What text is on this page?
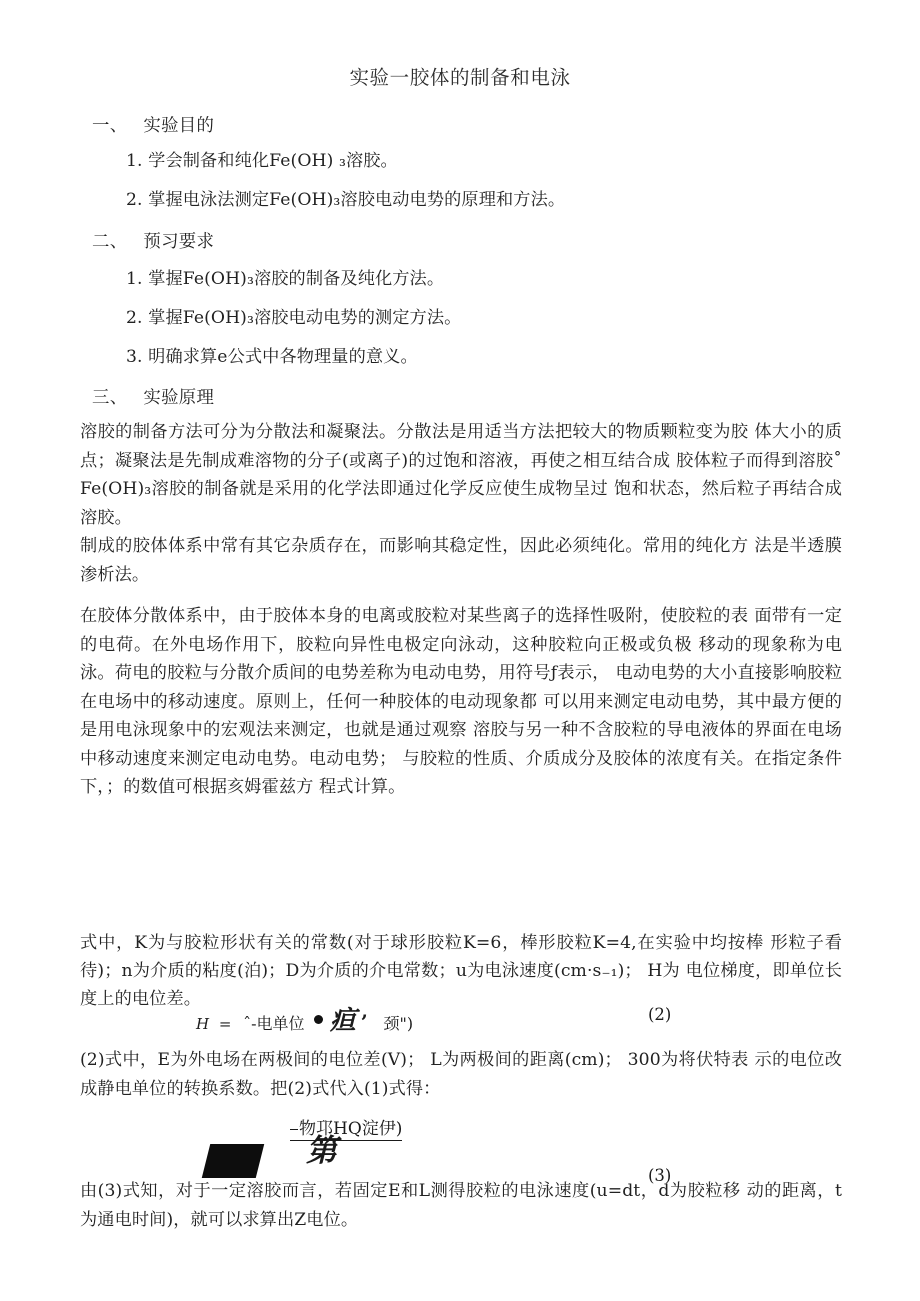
实验一胶体的制备和电泳
一、 实验目的
1. 学会制备和纯化Fe(OH) ₃溶胶。
2. 掌握电泳法测定Fe(OH)₃溶胶电动电势的原理和方法。
二、 预习要求
1. 掌握Fe(OH)₃溶胶的制备及纯化方法。
2. 掌握Fe(OH)₃溶胶电动电势的测定方法。
3. 明确求算e公式中各物理量的意义。
三、 实验原理
溶胶的制备方法可分为分散法和凝聚法。分散法是用适当方法把较大的物质颗粒变为胶 体大小的质点；凝聚法是先制成难溶物的分子(或离子)的过饱和溶液，再使之相互结合成 胶体粒子而得到溶胶˚ Fe(OH)₃溶胶的制备就是采用的化学法即通过化学反应使生成物呈过 饱和状态，然后粒子再结合成溶胶。
制成的胶体体系中常有其它杂质存在，而影响其稳定性，因此必须纯化。常用的纯化方 法是半透膜渗析法。
在胶体分散体系中，由于胶体本身的电离或胶粒对某些离子的选择性吸附，使胶粒的表 面带有一定的电荷。在外电场作用下，胶粒向异性电极定向泳动，这种胶粒向正极或负极 移动的现象称为电泳。荷电的胶粒与分散介质间的电势差称为电动电势，用符号ƒ表示， 电动电势的大小直接影响胶粒在电场中的移动速度。原则上，任何一种胶体的电动现象都 可以用来测定电动电势，其中最方便的是用电泳现象中的宏观法来测定，也就是通过观察 溶胶与另一种不含胶粒的导电液体的界面在电场中移动速度来测定电动电势。电动电势； 与胶粒的性质、介质成分及胶体的浓度有关。在指定条件下，；的数值可根据亥姆霍兹方 程式计算。
式中，K为与胶粒形状有关的常数(对于球形胶粒K=6，棒形胶粒K=4,在实验中均按棒 形粒子看待)；n为介质的粘度(泊)；D为介质的介电常数；u为电泳速度(cm·s₋₁)； H为 电位梯度，即单位长度上的电位差。
H = ˆ-电单位 疸 ’ 颈")	(2)
(2)式中，E为外电场在两极间的电位差(V)； L为两极间的距离(cm)； 300为将伏特表 示的电位改成静电单位的转换系数。把(2)式代入(1)式得：
物邛HQ淀伊)
第
(3)
由(3)式知，对于一定溶胶而言，若固定E和L测得胶粒的电泳速度(u=dt，d为胶粒移 动的距离，t为通电时间)，就可以求算出Z电位。
